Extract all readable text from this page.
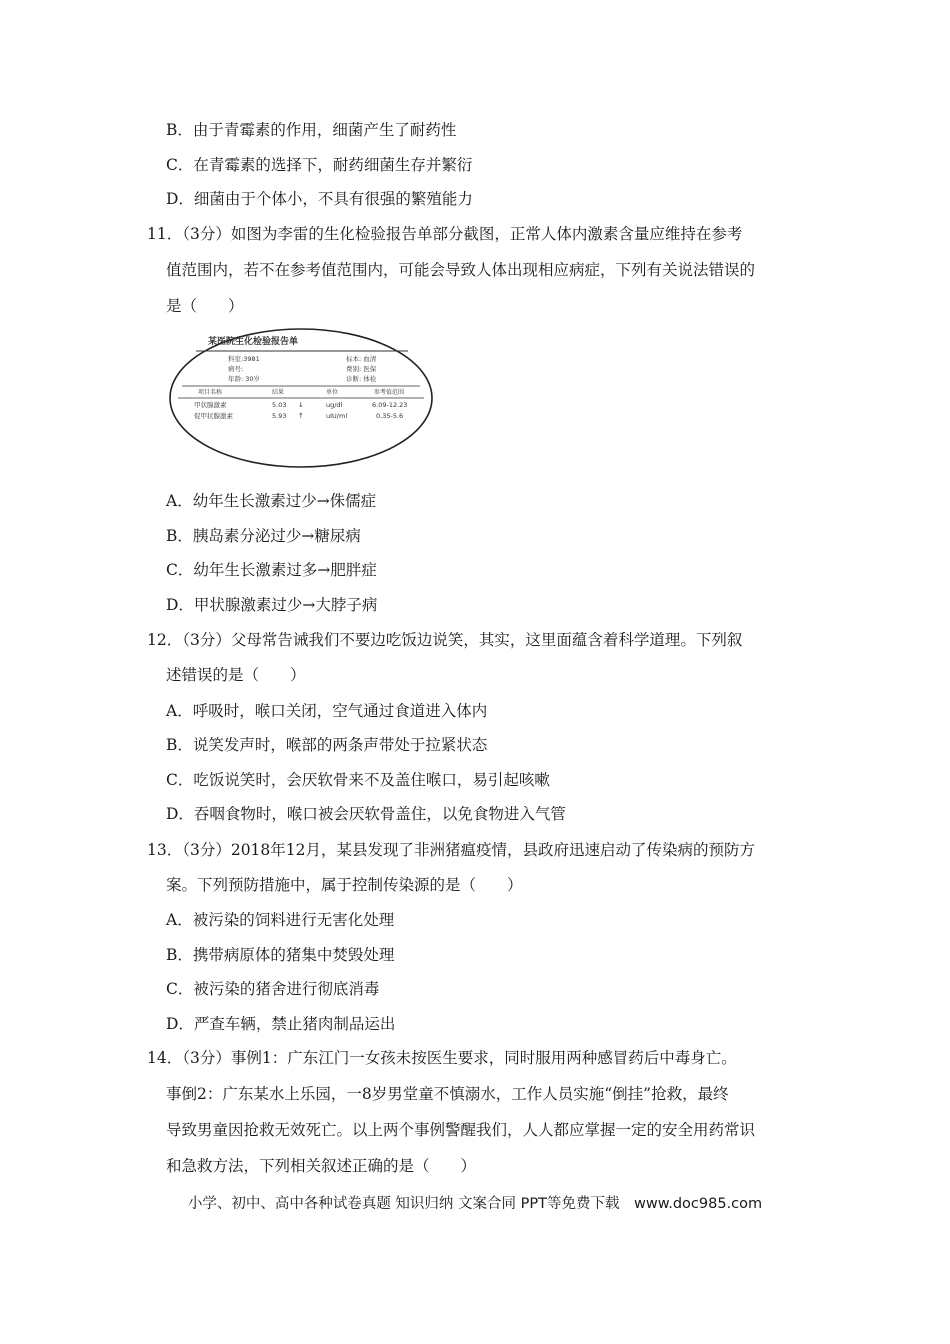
B．由于青霉素的作用，细菌产生了耐药性
C．在青霉素的选择下，耐药细菌生存并繁衍
D．细菌由于个体小，不具有很强的繁殖能力
11．（3分）如图为李雷的生化检验报告单部分截图，正常人体内激素含量应维持在参考
值范围内，若不在参考值范围内，可能会导致人体出现相应病症，下列有关说法错误的
是（　　）
某医院生化检验报告单
科室:3981	标本: 血清
病号:	费别: 医保
年龄: 30岁	诊断: 体检
项目名称	结果	单位	参考值范围
甲状腺激素	5.03 ↓	ug/dl	6.09-12.23
促甲状腺激素	5.93 ↑	uIU/ml	0.35-5.6
A．幼年生长激素过少→侏儒症
B．胰岛素分泌过少→糖尿病
C．幼年生长激素过多→肥胖症
D．甲状腺激素过少→大脖子病
12．（3分）父母常告诫我们不要边吃饭边说笑，其实，这里面蕴含着科学道理。下列叙
述错误的是（　　）
A．呼吸时，喉口关闭，空气通过食道进入体内
B．说笑发声时，喉部的两条声带处于拉紧状态
C．吃饭说笑时，会厌软骨来不及盖住喉口，易引起咳嗽
D．吞咽食物时，喉口被会厌软骨盖住，以免食物进入气管
13．（3分）2018年12月，某县发现了非洲猪瘟疫情，县政府迅速启动了传染病的预防方
案。下列预防措施中，属于控制传染源的是（　　）
A．被污染的饲料进行无害化处理
B．携带病原体的猪集中焚毁处理
C．被污染的猪舍进行彻底消毒
D．严查车辆，禁止猪肉制品运出
14．（3分）事例1：广东江门一女孩未按医生要求，同时服用两种感冒药后中毒身亡。
事倒2：广东某水上乐园，一8岁男堂童不慎溺水，工作人员实施“倒挂”抢救，最终
导致男童因抢救无效死亡。以上两个事例警醒我们，人人都应掌握一定的安全用药常识
和急救方法，下列相关叙述正确的是（　　）
小学、初中、高中各种试卷真题 知识归纳 文案合同 PPT等免费下载　www.doc985.com
